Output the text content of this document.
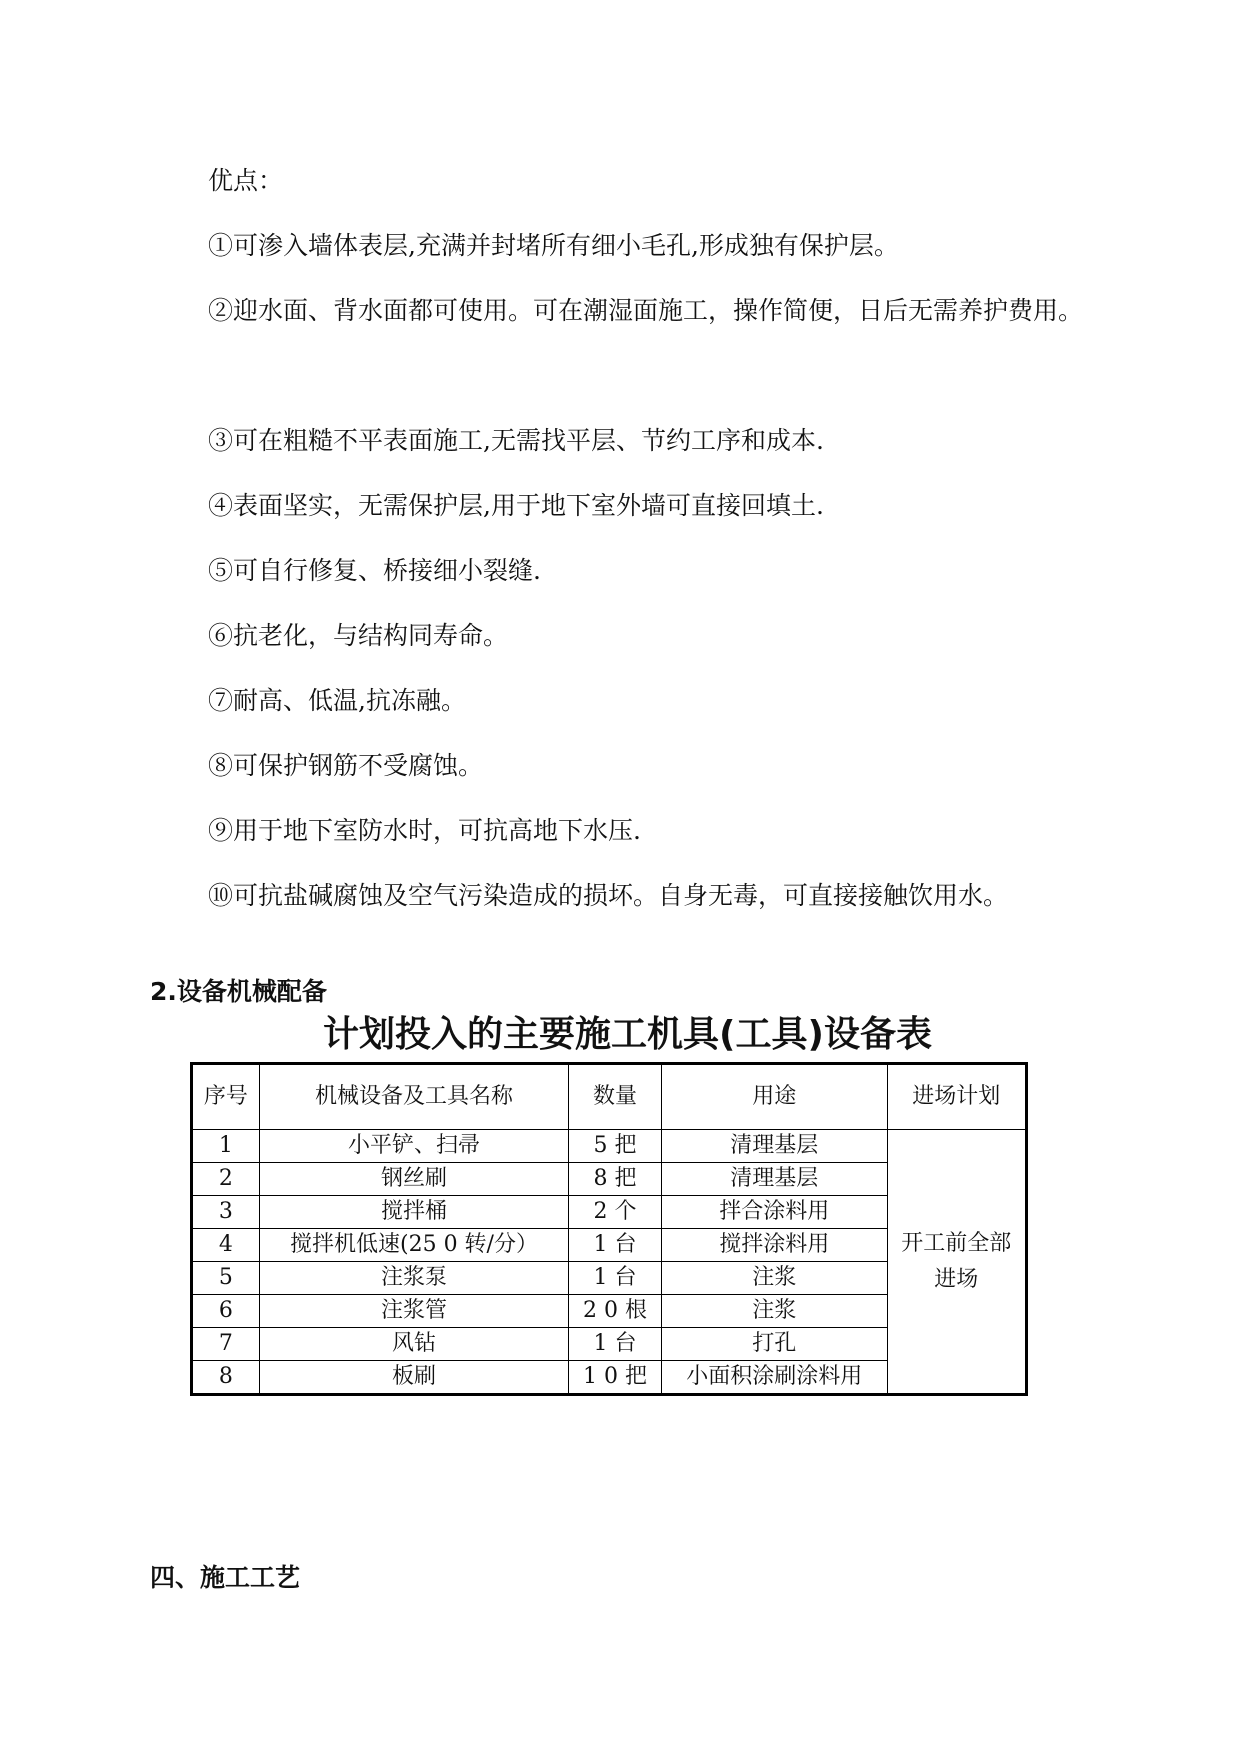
优点：

①可渗入墙体表层,充满并封堵所有细小毛孔,形成独有保护层。

②迎水面、背水面都可使用。可在潮湿面施工，操作简便，日后无需养护费用。

③可在粗糙不平表面施工,无需找平层、节约工序和成本.

④表面坚实，无需保护层,用于地下室外墙可直接回填土.

⑤可自行修复、桥接细小裂缝.

⑥抗老化，与结构同寿命。

⑦耐高、低温,抗冻融。

⑧可保护钢筋不受腐蚀。

⑨用于地下室防水时，可抗高地下水压.

⑩可抗盐碱腐蚀及空气污染造成的损坏。自身无毒，可直接接触饮用水。

2.设备机械配备

计划投入的主要施工机具(工具)设备表

序号	机械设备及工具名称	数量	用途	进场计划
1	小平铲、扫帚	5 把	清理基层	开工前全部进场
2	钢丝刷	8 把	清理基层	
3	搅拌桶	2 个	拌合涂料用	
4	搅拌机低速(25 0 转/分）	1 台	搅拌涂料用	
5	注浆泵	1 台	注浆	
6	注浆管	2 0 根	注浆	
7	风钻	1 台	打孔	
8	板刷	1 0 把	小面积涂刷涂料用	

四、施工工艺
